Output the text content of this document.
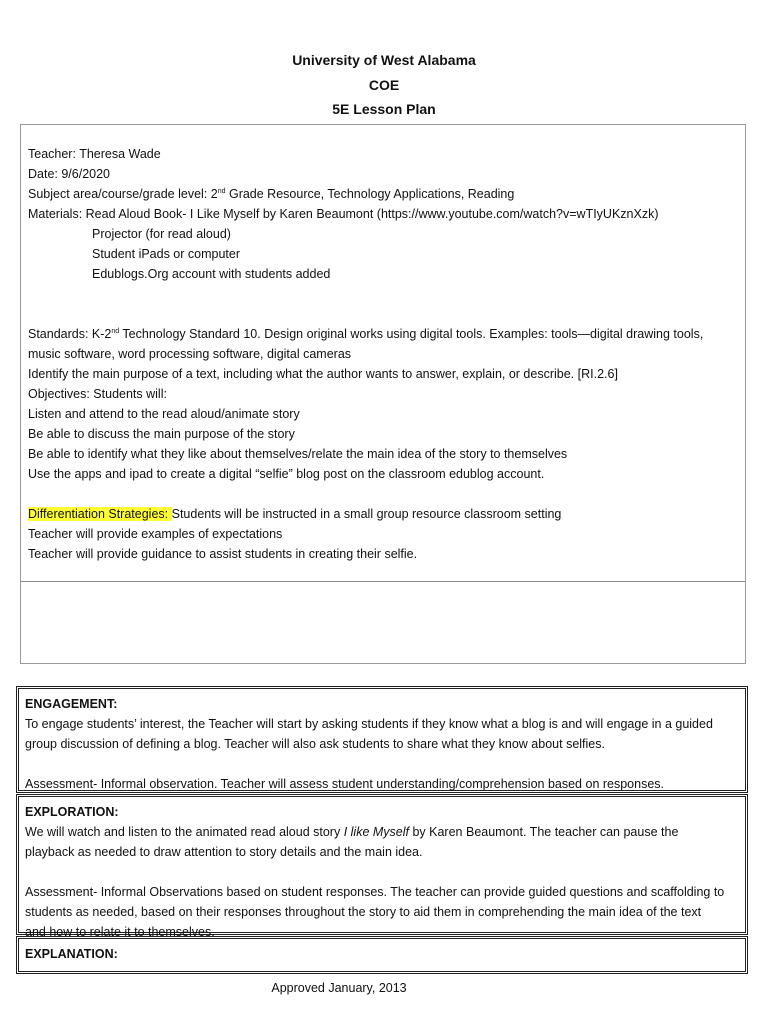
University of West Alabama
COE
5E Lesson Plan
Teacher: Theresa Wade
Date: 9/6/2020
Subject area/course/grade level: 2nd Grade Resource, Technology Applications, Reading
Materials: Read Aloud Book- I Like Myself by Karen Beaumont (https://www.youtube.com/watch?v=wTIyUKznXzk)
Projector (for read aloud)
Student iPads or computer
Edublogs.Org account with students added
Standards: K-2nd Technology Standard 10. Design original works using digital tools. Examples: tools—digital drawing tools,
music software, word processing software, digital cameras
Identify the main purpose of a text, including what the author wants to answer, explain, or describe. [RI.2.6]
Objectives: Students will:
Listen and attend to the read aloud/animate story
Be able to discuss the main purpose of the story
Be able to identify what they like about themselves/relate the main idea of the story to themselves
Use the apps and ipad to create a digital “selfie” blog post on the classroom edublog account.
Differentiation Strategies: Students will be instructed in a small group resource classroom setting
Teacher will provide examples of expectations
Teacher will provide guidance to assist students in creating their selfie.
ENGAGEMENT:
To engage students’ interest, the Teacher will start by asking students if they know what a blog is and will engage in a guided
group discussion of defining a blog. Teacher will also ask students to share what they know about selfies.
Assessment- Informal observation. Teacher will assess student understanding/comprehension based on responses.
EXPLORATION:
We will watch and listen to the animated read aloud story I like Myself by Karen Beaumont. The teacher can pause the
playback as needed to draw attention to story details and the main idea.
Assessment- Informal Observations based on student responses. The teacher can provide guided questions and scaffolding to
students as needed, based on their responses throughout the story to aid them in comprehending the main idea of the text
and how to relate it to themselves.
EXPLANATION:
Approved January, 2013
